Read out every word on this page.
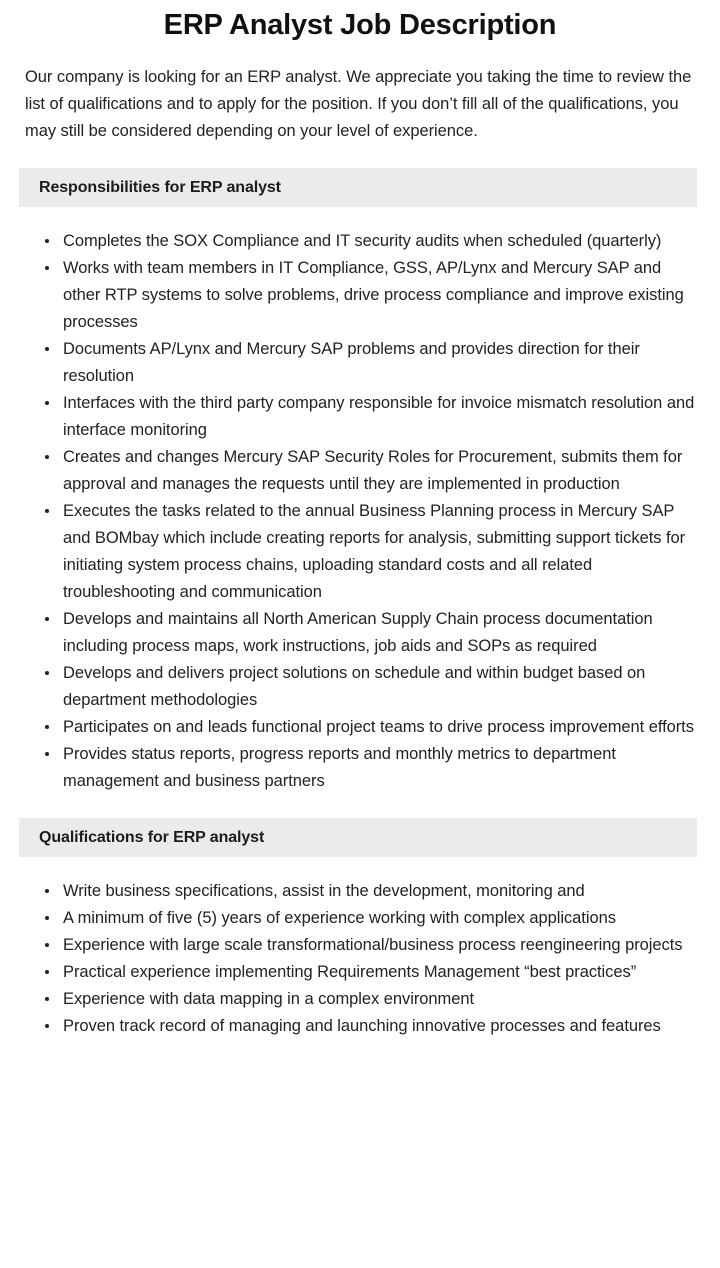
ERP Analyst Job Description

Our company is looking for an ERP analyst. We appreciate you taking the time to review the list of qualifications and to apply for the position. If you don’t fill all of the qualifications, you may still be considered depending on your level of experience.

Responsibilities for ERP analyst
Completes the SOX Compliance and IT security audits when scheduled (quarterly)
Works with team members in IT Compliance, GSS, AP/Lynx and Mercury SAP and other RTP systems to solve problems, drive process compliance and improve existing processes
Documents AP/Lynx and Mercury SAP problems and provides direction for their resolution
Interfaces with the third party company responsible for invoice mismatch resolution and interface monitoring
Creates and changes Mercury SAP Security Roles for Procurement, submits them for approval and manages the requests until they are implemented in production
Executes the tasks related to the annual Business Planning process in Mercury SAP and BOMbay which include creating reports for analysis, submitting support tickets for initiating system process chains, uploading standard costs and all related troubleshooting and communication
Develops and maintains all North American Supply Chain process documentation including process maps, work instructions, job aids and SOPs as required
Develops and delivers project solutions on schedule and within budget based on department methodologies
Participates on and leads functional project teams to drive process improvement efforts
Provides status reports, progress reports and monthly metrics to department management and business partners
Qualifications for ERP analyst
Write business specifications, assist in the development, monitoring and
A minimum of five (5) years of experience working with complex applications
Experience with large scale transformational/business process reengineering projects
Practical experience implementing Requirements Management “best practices”
Experience with data mapping in a complex environment
Proven track record of managing and launching innovative processes and features
